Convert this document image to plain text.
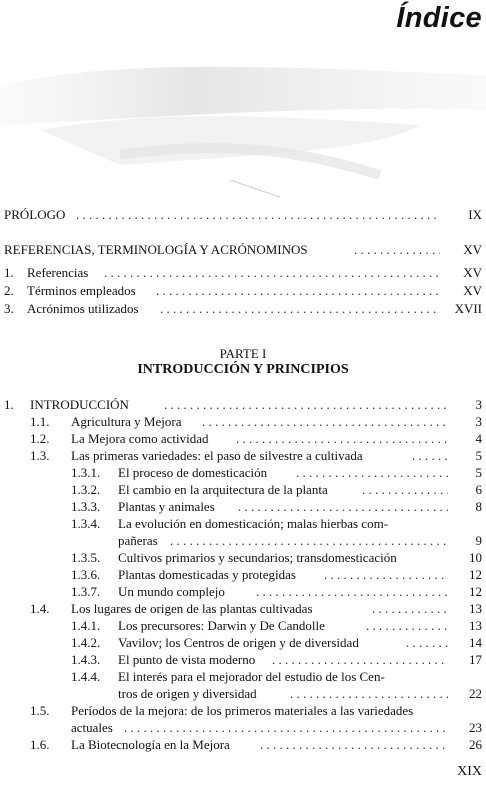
Índice
PRÓLOGO . . .	IX
REFERENCIAS, TERMINOLOGÍA Y ACRÓNOMINOS . . .	XV
1. Referencias . . .	XV
2. Términos empleados . . .	XV
3. Acrónimos utilizados . . .	XVII
PARTE I
INTRODUCCIÓN Y PRINCIPIOS
1. INTRODUCCIÓN . . .	3
1.1. Agricultura y Mejora . . .	3
1.2. La Mejora como actividad . . .	4
1.3. Las primeras variedades: el paso de silvestre a cultivada . . .	5
1.3.1. El proceso de domesticación . . .	5
1.3.2. El cambio en la arquitectura de la planta . . .	6
1.3.3. Plantas y animales . . .	8
1.3.4. La evolución en domesticación; malas hierbas com-
pañeras . . .	9
1.3.5. Cultivos primarios y secundarios; transdomesticación	10
1.3.6. Plantas domesticadas y protegidas . . .	12
1.3.7. Un mundo complejo . . .	12
1.4. Los lugares de origen de las plantas cultivadas . . .	13
1.4.1. Los precursores: Darwin y De Candolle . . .	13
1.4.2. Vavilov; los Centros de origen y de diversidad . . .	14
1.4.3. El punto de vista moderno . . .	17
1.4.4. El interés para el mejorador del estudio de los Cen-
tros de origen y diversidad . . .	22
1.5. Períodos de la mejora: de los primeros materiales a las variedades
actuales . . .	23
1.6. La Biotecnología en la Mejora . . .	26
XIX
